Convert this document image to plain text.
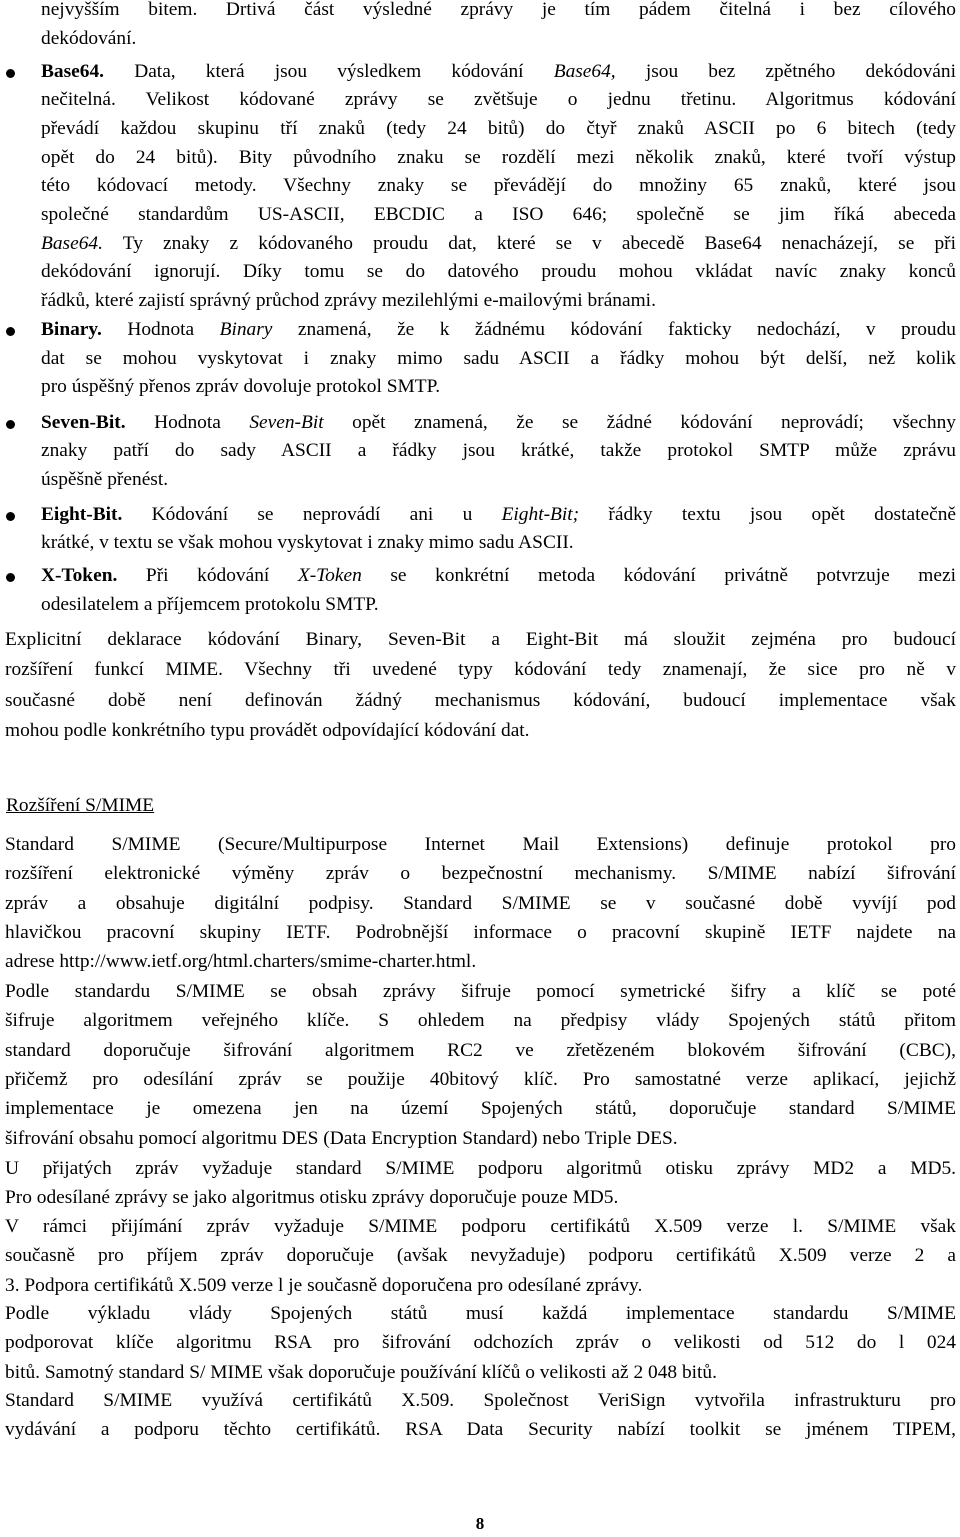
nejvyšším bitem. Drtivá část výsledné zprávy je tím pádem čitelná i bez cílového
dekódování.
Base64. Data, která jsou výsledkem kódování Base64, jsou bez zpětného dekódováni
nečitelná. Velikost kódované zprávy se zvětšuje o jednu třetinu. Algoritmus kódování
převádí každou skupinu tří znaků (tedy 24 bitů) do čtyř znaků ASCII po 6 bitech (tedy
opět do 24 bitů). Bity původního znaku se rozdělí mezi několik znaků, které tvoří výstup
této kódovací metody. Všechny znaky se převádějí do množiny 65 znaků, které jsou
společné standardům US-ASCII, EBCDIC a ISO 646; společně se jim říká abeceda
Base64. Ty znaky z kódovaného proudu dat, které se v abecedě Base64 nenacházejí, se při
dekódování ignorují. Díky tomu se do datového proudu mohou vkládat navíc znaky konců
řádků, které zajistí správný průchod zprávy mezilehlými e-mailovými bránami.
Binary. Hodnota Binary znamená, že k žádnému kódování fakticky nedochází, v proudu
dat se mohou vyskytovat i znaky mimo sadu ASCII a řádky mohou být delší, než kolik
pro úspěšný přenos zpráv dovoluje protokol SMTP.
Seven-Bit. Hodnota Seven-Bit opět znamená, že se žádné kódování neprovádí; všechny
znaky patří do sady ASCII a řádky jsou krátké, takže protokol SMTP může zprávu
úspěšně přenést.
Eight-Bit. Kódování se neprovádí ani u Eight-Bit; řádky textu jsou opět dostatečně
krátké, v textu se však mohou vyskytovat i znaky mimo sadu ASCII.
X-Token. Při kódování X-Token se konkrétní metoda kódování privátně potvrzuje mezi
odesilatelem a příjemcem protokolu SMTP.
Explicitní deklarace kódování Binary, Seven-Bit a Eight-Bit má sloužit zejména pro budoucí
rozšíření funkcí MIME. Všechny tři uvedené typy kódování tedy znamenají, že sice pro ně v
současné době není definován žádný mechanismus kódování, budoucí implementace však
mohou podle konkrétního typu provádět odpovídající kódování dat.
Rozšíření S/MIME
Standard S/MIME (Secure/Multipurpose Internet Mail Extensions) definuje protokol pro
rozšíření elektronické výměny zpráv o bezpečnostní mechanismy. S/MIME nabízí šifrování
zpráv a obsahuje digitální podpisy. Standard S/MIME se v současné době vyvíjí pod
hlavičkou pracovní skupiny IETF. Podrobnější informace o pracovní skupině IETF najdete na
adrese http://www.ietf.org/html.charters/smime-charter.html.
Podle standardu S/MIME se obsah zprávy šifruje pomocí symetrické šifry a klíč se poté
šifruje algoritmem veřejného klíče. S ohledem na předpisy vlády Spojených států přitom
standard doporučuje šifrování algoritmem RC2 ve zřetězeném blokovém šifrování (CBC),
přičemž pro odesílání zpráv se použije 40bitový klíč. Pro samostatné verze aplikací, jejichž
implementace je omezena jen na území Spojených států, doporučuje standard S/MIME
šifrování obsahu pomocí algoritmu DES (Data Encryption Standard) nebo Triple DES.
U přijatých zpráv vyžaduje standard S/MIME podporu algoritmů otisku zprávy MD2 a MD5.
Pro odesílané zprávy se jako algoritmus otisku zprávy doporučuje pouze MD5.
V rámci přijímání zpráv vyžaduje S/MIME podporu certifikátů X.509 verze l. S/MIME však
současně pro příjem zpráv doporučuje (avšak nevyžaduje) podporu certifikátů X.509 verze 2 a
3. Podpora certifikátů X.509 verze l je současně doporučena pro odesílané zprávy.
Podle výkladu vlády Spojených států musí každá implementace standardu S/MIME
podporovat klíče algoritmu RSA pro šifrování odchozích zpráv o velikosti od 512 do l 024
bitů. Samotný standard S/ MIME však doporučuje používání klíčů o velikosti až 2 048 bitů.
Standard S/MIME využívá certifikátů X.509. Společnost VeriSign vytvořila infrastrukturu pro
vydávání a podporu těchto certifikátů. RSA Data Security nabízí toolkit se jménem TIPEM,
8
